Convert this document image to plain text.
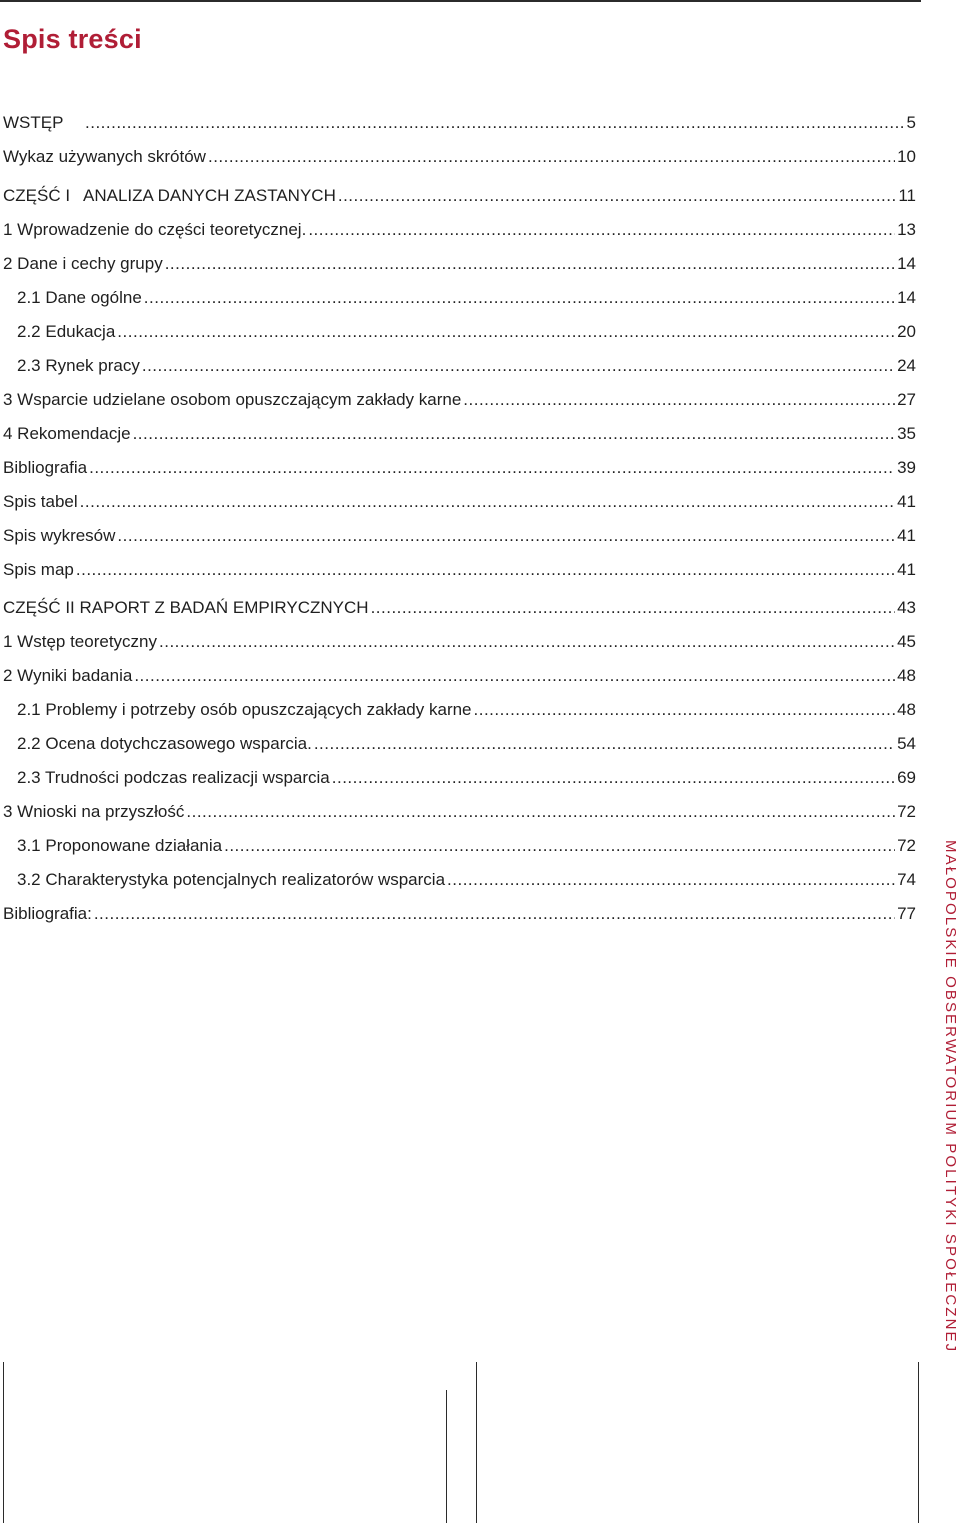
Spis treści
WSTĘP .....	5
Wykaz używanych skrótów .....	10
CZĘŚĆ I ANALIZA DANYCH ZASTANYCH .....	11
1 Wprowadzenie do części teoretycznej. .....	13
2 Dane i cechy grupy .....	14
2.1 Dane ogólne .....	14
2.2 Edukacja .....	20
2.3 Rynek pracy .....	24
3 Wsparcie udzielane osobom opuszczającym zakłady karne .....	27
4 Rekomendacje .....	35
Bibliografia .....	39
Spis tabel .....	41
Spis wykresów .....	41
Spis map .....	41
CZĘŚĆ II RAPORT Z BADAŃ EMPIRYCZNYCH .....	43
1 Wstęp teoretyczny .....	45
2 Wyniki badania .....	48
2.1 Problemy i potrzeby osób opuszczających zakłady karne .....	48
2.2 Ocena dotychczasowego wsparcia. .....	54
2.3 Trudności podczas realizacji wsparcia .....	69
3 Wnioski na przyszłość .....	72
3.1 Proponowane działania .....	72
3.2 Charakterystyka potencjalnych realizatorów wsparcia .....	74
Bibliografia: .....	77 MAŁOPOLSKIE OBSERWATORIUM POLITYKI SPOŁECZNEJ
